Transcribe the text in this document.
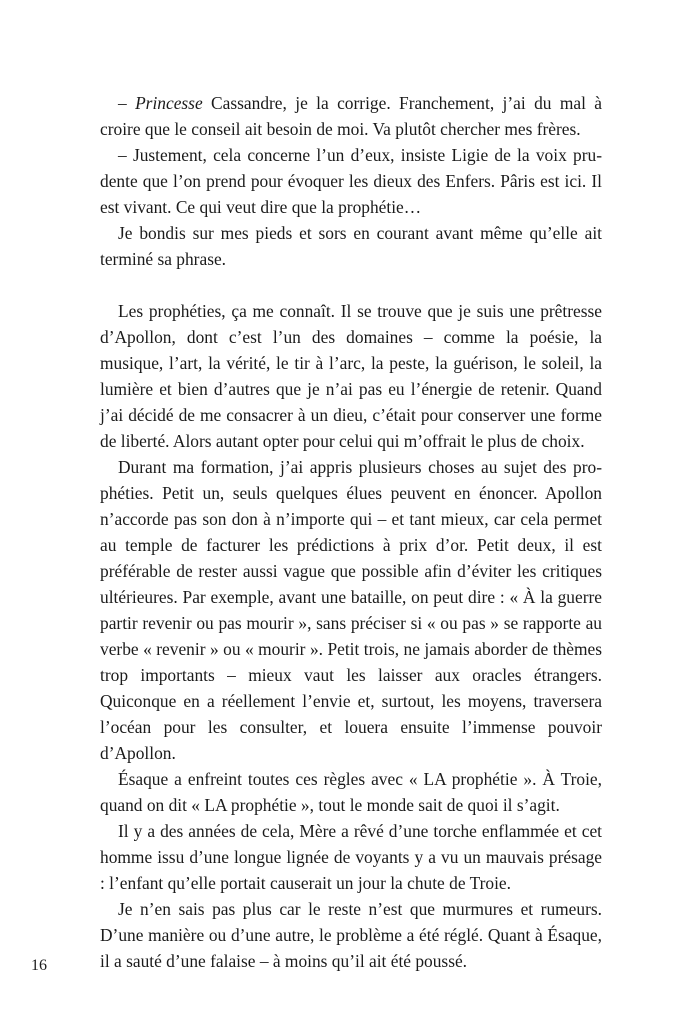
– Princesse Cassandre, je la corrige. Franchement, j’ai du mal à croire que le conseil ait besoin de moi. Va plutôt chercher mes frères.

– Justement, cela concerne l’un d’eux, insiste Ligie de la voix prudente que l’on prend pour évoquer les dieux des Enfers. Pâris est ici. Il est vivant. Ce qui veut dire que la prophétie…

Je bondis sur mes pieds et sors en courant avant même qu’elle ait terminé sa phrase.

Les prophéties, ça me connaît. Il se trouve que je suis une prêtresse d’Apollon, dont c’est l’un des domaines – comme la poésie, la musique, l’art, la vérité, le tir à l’arc, la peste, la guérison, le soleil, la lumière et bien d’autres que je n’ai pas eu l’énergie de retenir. Quand j’ai décidé de me consacrer à un dieu, c’était pour conserver une forme de liberté. Alors autant opter pour celui qui m’offrait le plus de choix.

Durant ma formation, j’ai appris plusieurs choses au sujet des prophéties. Petit un, seuls quelques élues peuvent en énoncer. Apollon n’accorde pas son don à n’importe qui – et tant mieux, car cela permet au temple de facturer les prédictions à prix d’or. Petit deux, il est préférable de rester aussi vague que possible afin d’éviter les critiques ultérieures. Par exemple, avant une bataille, on peut dire : « À la guerre partir revenir ou pas mourir », sans préciser si « ou pas » se rapporte au verbe « revenir » ou « mourir ». Petit trois, ne jamais aborder de thèmes trop importants – mieux vaut les laisser aux oracles étrangers. Quiconque en a réellement l’envie et, surtout, les moyens, traversera l’océan pour les consulter, et louera ensuite l’immense pouvoir d’Apollon.

Ésaque a enfreint toutes ces règles avec « LA prophétie ». À Troie, quand on dit « LA prophétie », tout le monde sait de quoi il s’agit.

Il y a des années de cela, Mère a rêvé d’une torche enflammée et cet homme issu d’une longue lignée de voyants y a vu un mauvais présage : l’enfant qu’elle portait causerait un jour la chute de Troie.

Je n’en sais pas plus car le reste n’est que murmures et rumeurs. D’une manière ou d’une autre, le problème a été réglé. Quant à Ésaque, il a sauté d’une falaise – à moins qu’il ait été poussé.

16
